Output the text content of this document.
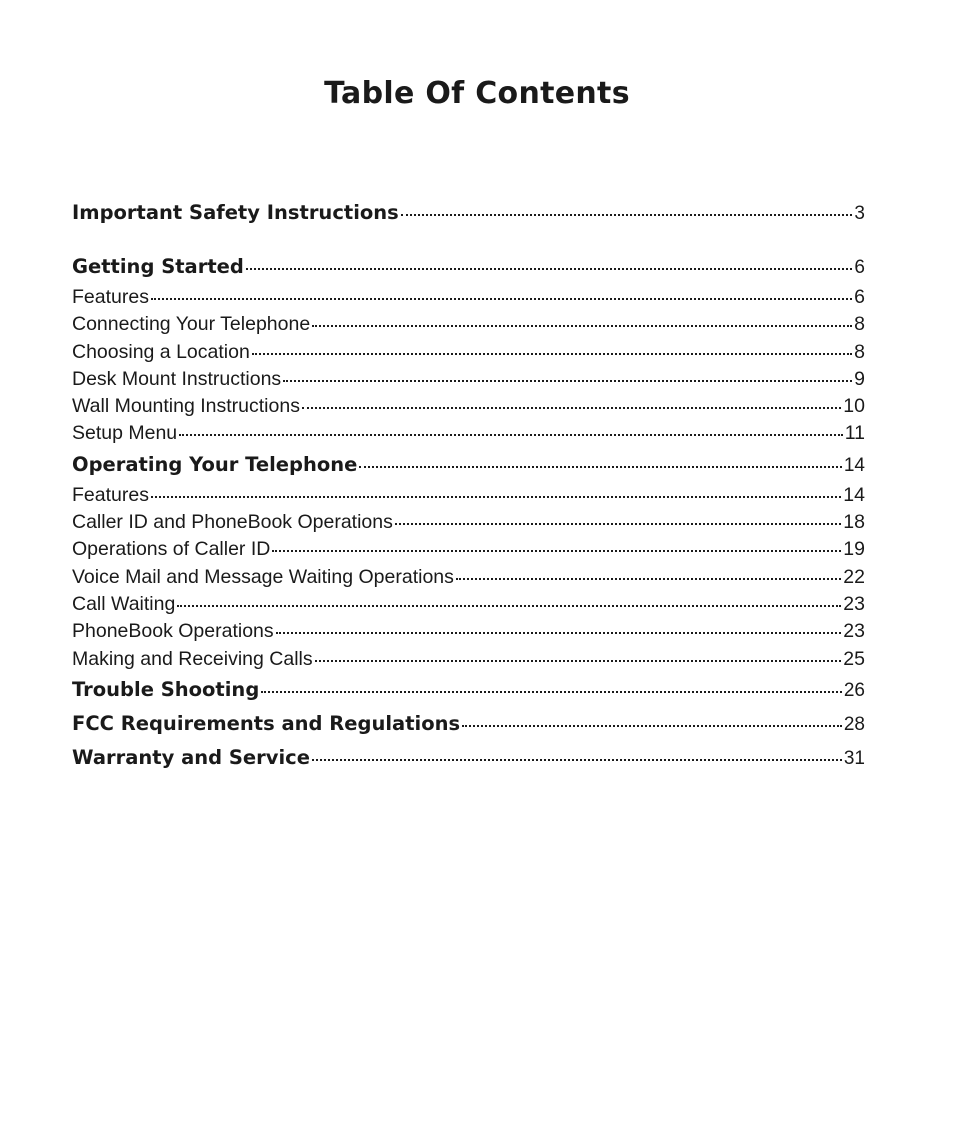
Table Of Contents
Important Safety Instructions	3
Getting Started	6
Features	6
Connecting Your Telephone	8
Choosing a Location	8
Desk Mount Instructions	9
Wall Mounting Instructions	10
Setup Menu	11
Operating Your Telephone	14
Features	14
Caller ID and PhoneBook Operations	18
Operations of Caller ID	19
Voice Mail and Message Waiting Operations	22
Call Waiting	23
PhoneBook Operations	23
Making and Receiving Calls	25
Trouble Shooting	26
FCC Requirements and Regulations	28
Warranty and Service	31
